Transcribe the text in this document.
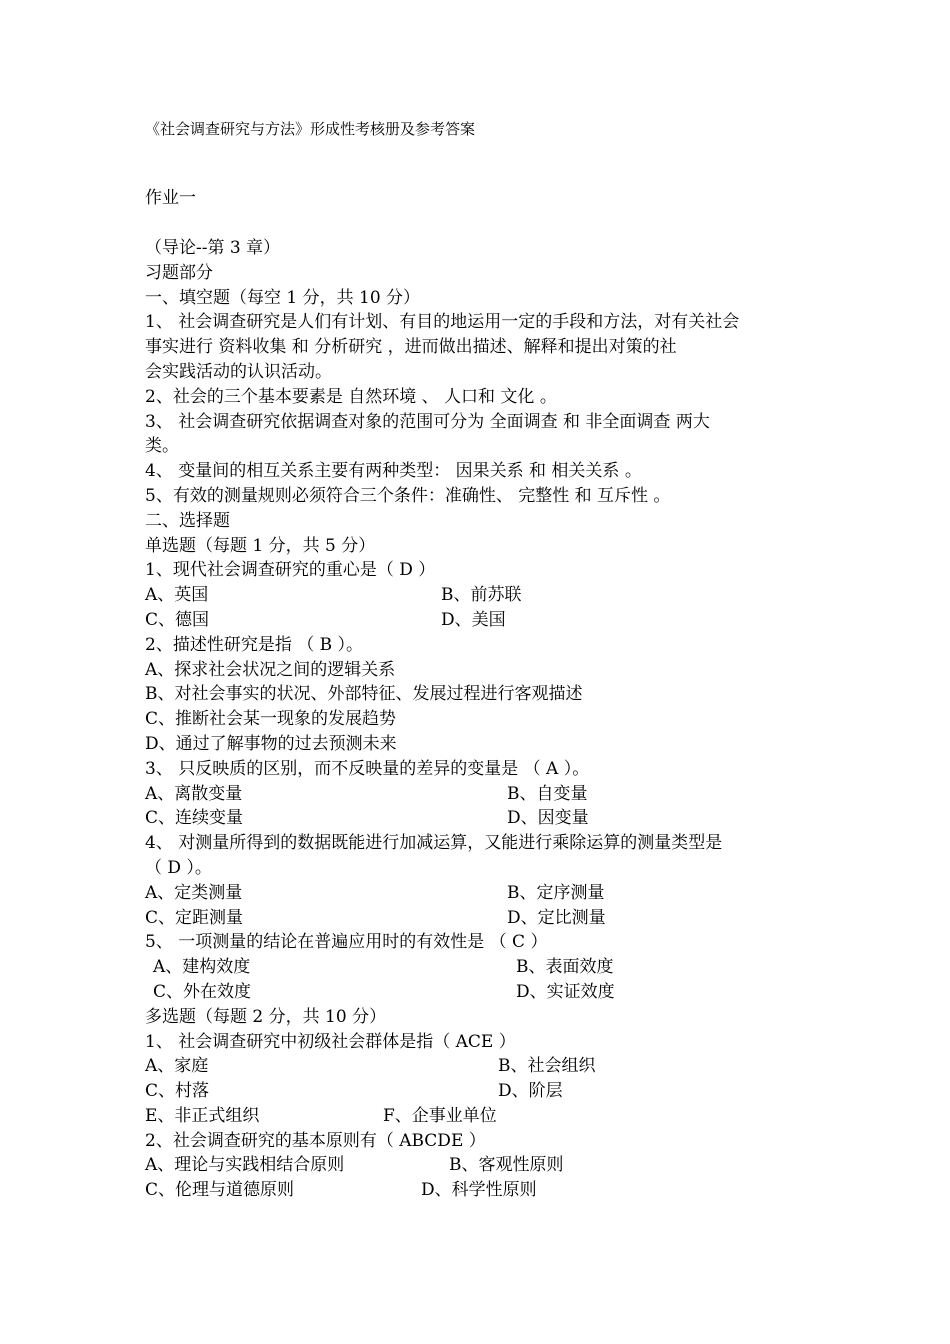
《社会调查研究与方法》形成性考核册及参考答案
作业一
（导论--第 3 章）
习题部分
一、填空题（每空 1 分，共 10 分）
1、 社会调查研究是人们有计划、有目的地运用一定的手段和方法，对有关社会
事实进行 资料收集 和 分析研究 ，进而做出描述、解释和提出对策的社
会实践活动的认识活动。
2、社会的三个基本要素是 自然环境 、 人口和 文化 。
3、 社会调查研究依据调查对象的范围可分为 全面调查 和 非全面调查 两大
类。
4、 变量间的相互关系主要有两种类型： 因果关系 和 相关关系 。
5、有效的测量规则必须符合三个条件：准确性、 完整性 和 互斥性 。
二、选择题
单选题（每题 1 分，共 5 分）
1、现代社会调查研究的重心是（ D ）
A、英国	B、前苏联
C、德国	D、美国
2、描述性研究是指 （ B ）。
A、探求社会状况之间的逻辑关系
B、对社会事实的状况、外部特征、发展过程进行客观描述
C、推断社会某一现象的发展趋势
D、通过了解事物的过去预测未来
3、 只反映质的区别，而不反映量的差异的变量是 （ A ）。
A、离散变量	B、自变量
C、连续变量	D、因变量
4、 对测量所得到的数据既能进行加减运算，又能进行乘除运算的测量类型是
（ D ）。
A、定类测量	B、定序测量
C、定距测量	D、定比测量
5、 一项测量的结论在普遍应用时的有效性是 （ C ）
A、建构效度	B、表面效度
C、外在效度	D、实证效度
多选题（每题 2 分，共 10 分）
1、 社会调查研究中初级社会群体是指（ ACE ）
A、家庭	B、社会组织
C、村落	D、阶层
E、非正式组织	F、企事业单位
2、社会调查研究的基本原则有（ ABCDE ）
A、理论与实践相结合原则	B、客观性原则
C、伦理与道德原则	D、科学性原则
